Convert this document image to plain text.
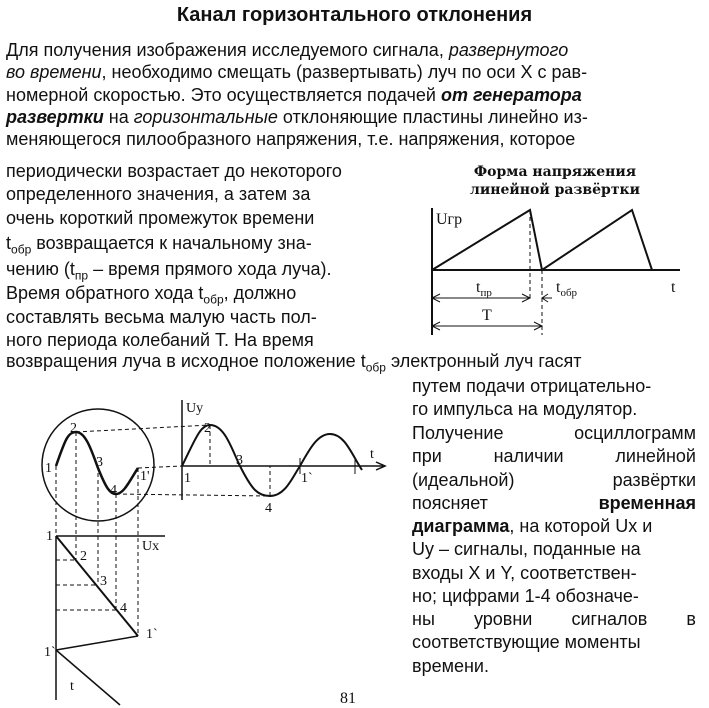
Канал горизонтального отклонения
Для получения изображения исследуемого сигнала, развернутого
во времени, необходимо смещать (развертывать) луч по оси X с рав-
номерной скоростью. Это осуществляется подачей от генератора
развертки на горизонтальные отклоняющие пластины линейно из-
меняющегося пилообразного напряжения, т.е. напряжения, которое
периодически возрастает до некоторого
определенного значения, а затем за
очень короткий промежуток времени
$t_{обр}$ возвращается к начальному зна-
чению ($t_{пр}$ – время прямого хода луча).
Время обратного хода $t_{обр}$, должно
составлять весьма малую часть пол-
ного периода колебаний T. На время
возвращения луча в исходное положение $t_{обр}$ электронный луч гасят
путем подачи отрицательно-
го импульса на модулятор.
Получение	осциллограмм
при	наличии	линейной
(идеальной)	развёртки
поясняет	временная
диаграмма, на которой Ux и
Uy – сигналы, поданные на
входы X и Y, соответствен-
но; цифрами 1-4 обозначе-
ны уровни сигналов в
соответствующие моменты
времени.
Форма напряжения
линейной развёртки
Uгр
t
$t_{пр}$	$t_{обр}$
T
Uy
Ux
t
t
1
2
3
4
1' 1
2
3
4
1`
1
2
3
4
1`
1`
81
